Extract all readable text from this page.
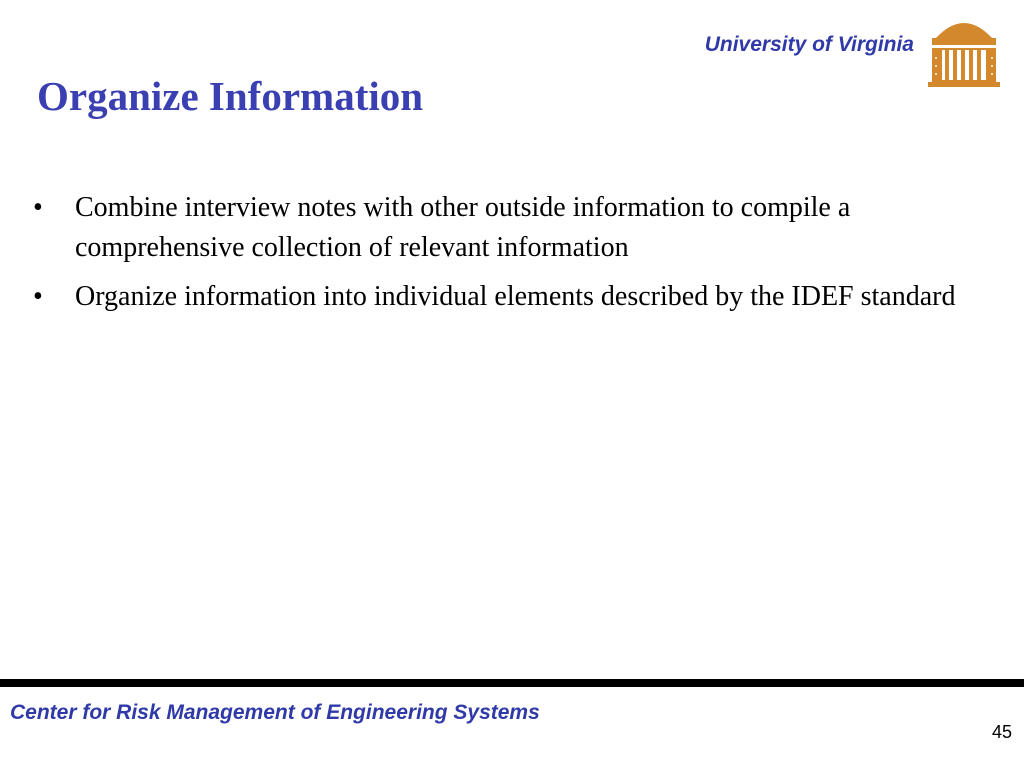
University of Virginia
Organize Information
• Combine interview notes with other outside information to compile a comprehensive collection of relevant information
• Organize information into individual elements described by the IDEF standard
Center for Risk Management of Engineering Systems
45
